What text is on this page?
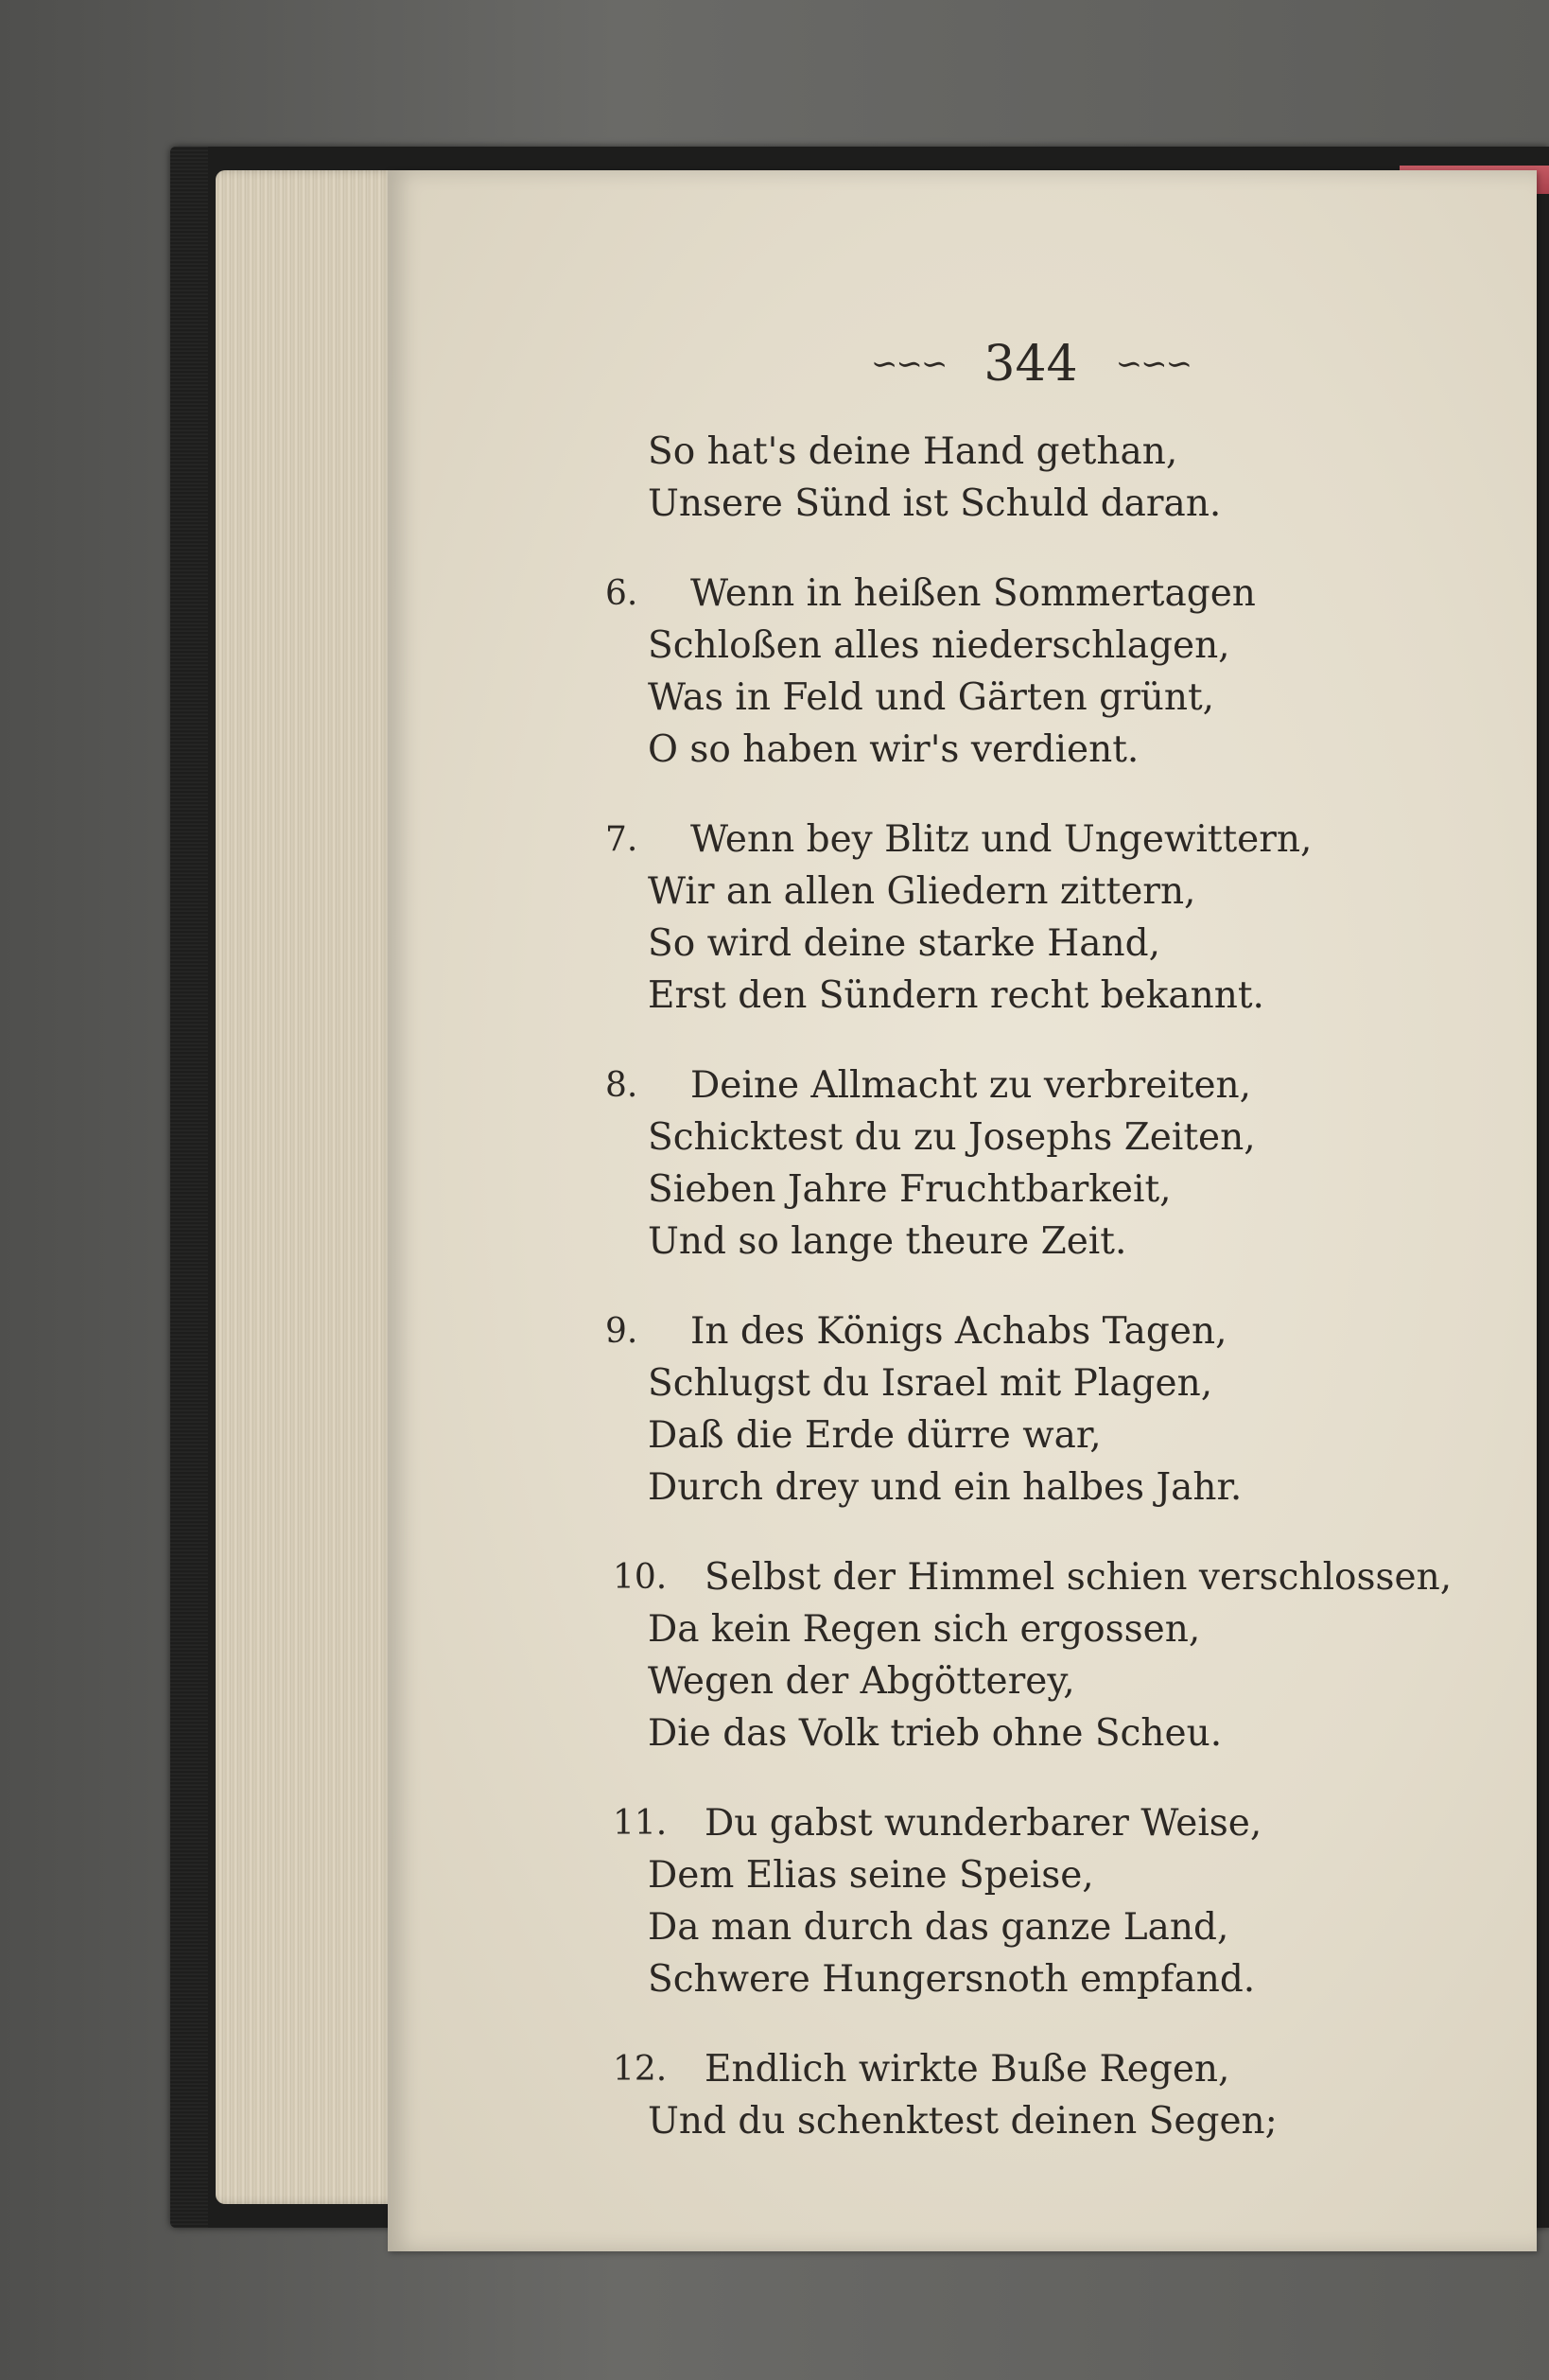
∽∽∽ 344 ∽∽∽
So hat's deine Hand gethan,
Unsere Sünd ist Schuld daran.
6. Wenn in heißen Sommertagen
Schloßen alles niederschlagen,
Was in Feld und Gärten grünt,
O so haben wir's verdient.
7. Wenn bey Blitz und Ungewittern,
Wir an allen Gliedern zittern,
So wird deine starke Hand,
Erst den Sündern recht bekannt.
8. Deine Allmacht zu verbreiten,
Schicktest du zu Josephs Zeiten,
Sieben Jahre Fruchtbarkeit,
Und so lange theure Zeit.
9. In des Königs Achabs Tagen,
Schlugst du Israel mit Plagen,
Daß die Erde dürre war,
Durch drey und ein halbes Jahr.
10. Selbst der Himmel schien verschlossen,
Da kein Regen sich ergossen,
Wegen der Abgötterey,
Die das Volk trieb ohne Scheu.
11. Du gabst wunderbarer Weise,
Dem Elias seine Speise,
Da man durch das ganze Land,
Schwere Hungersnoth empfand.
12. Endlich wirkte Buße Regen,
Und du schenktest deinen Segen;
